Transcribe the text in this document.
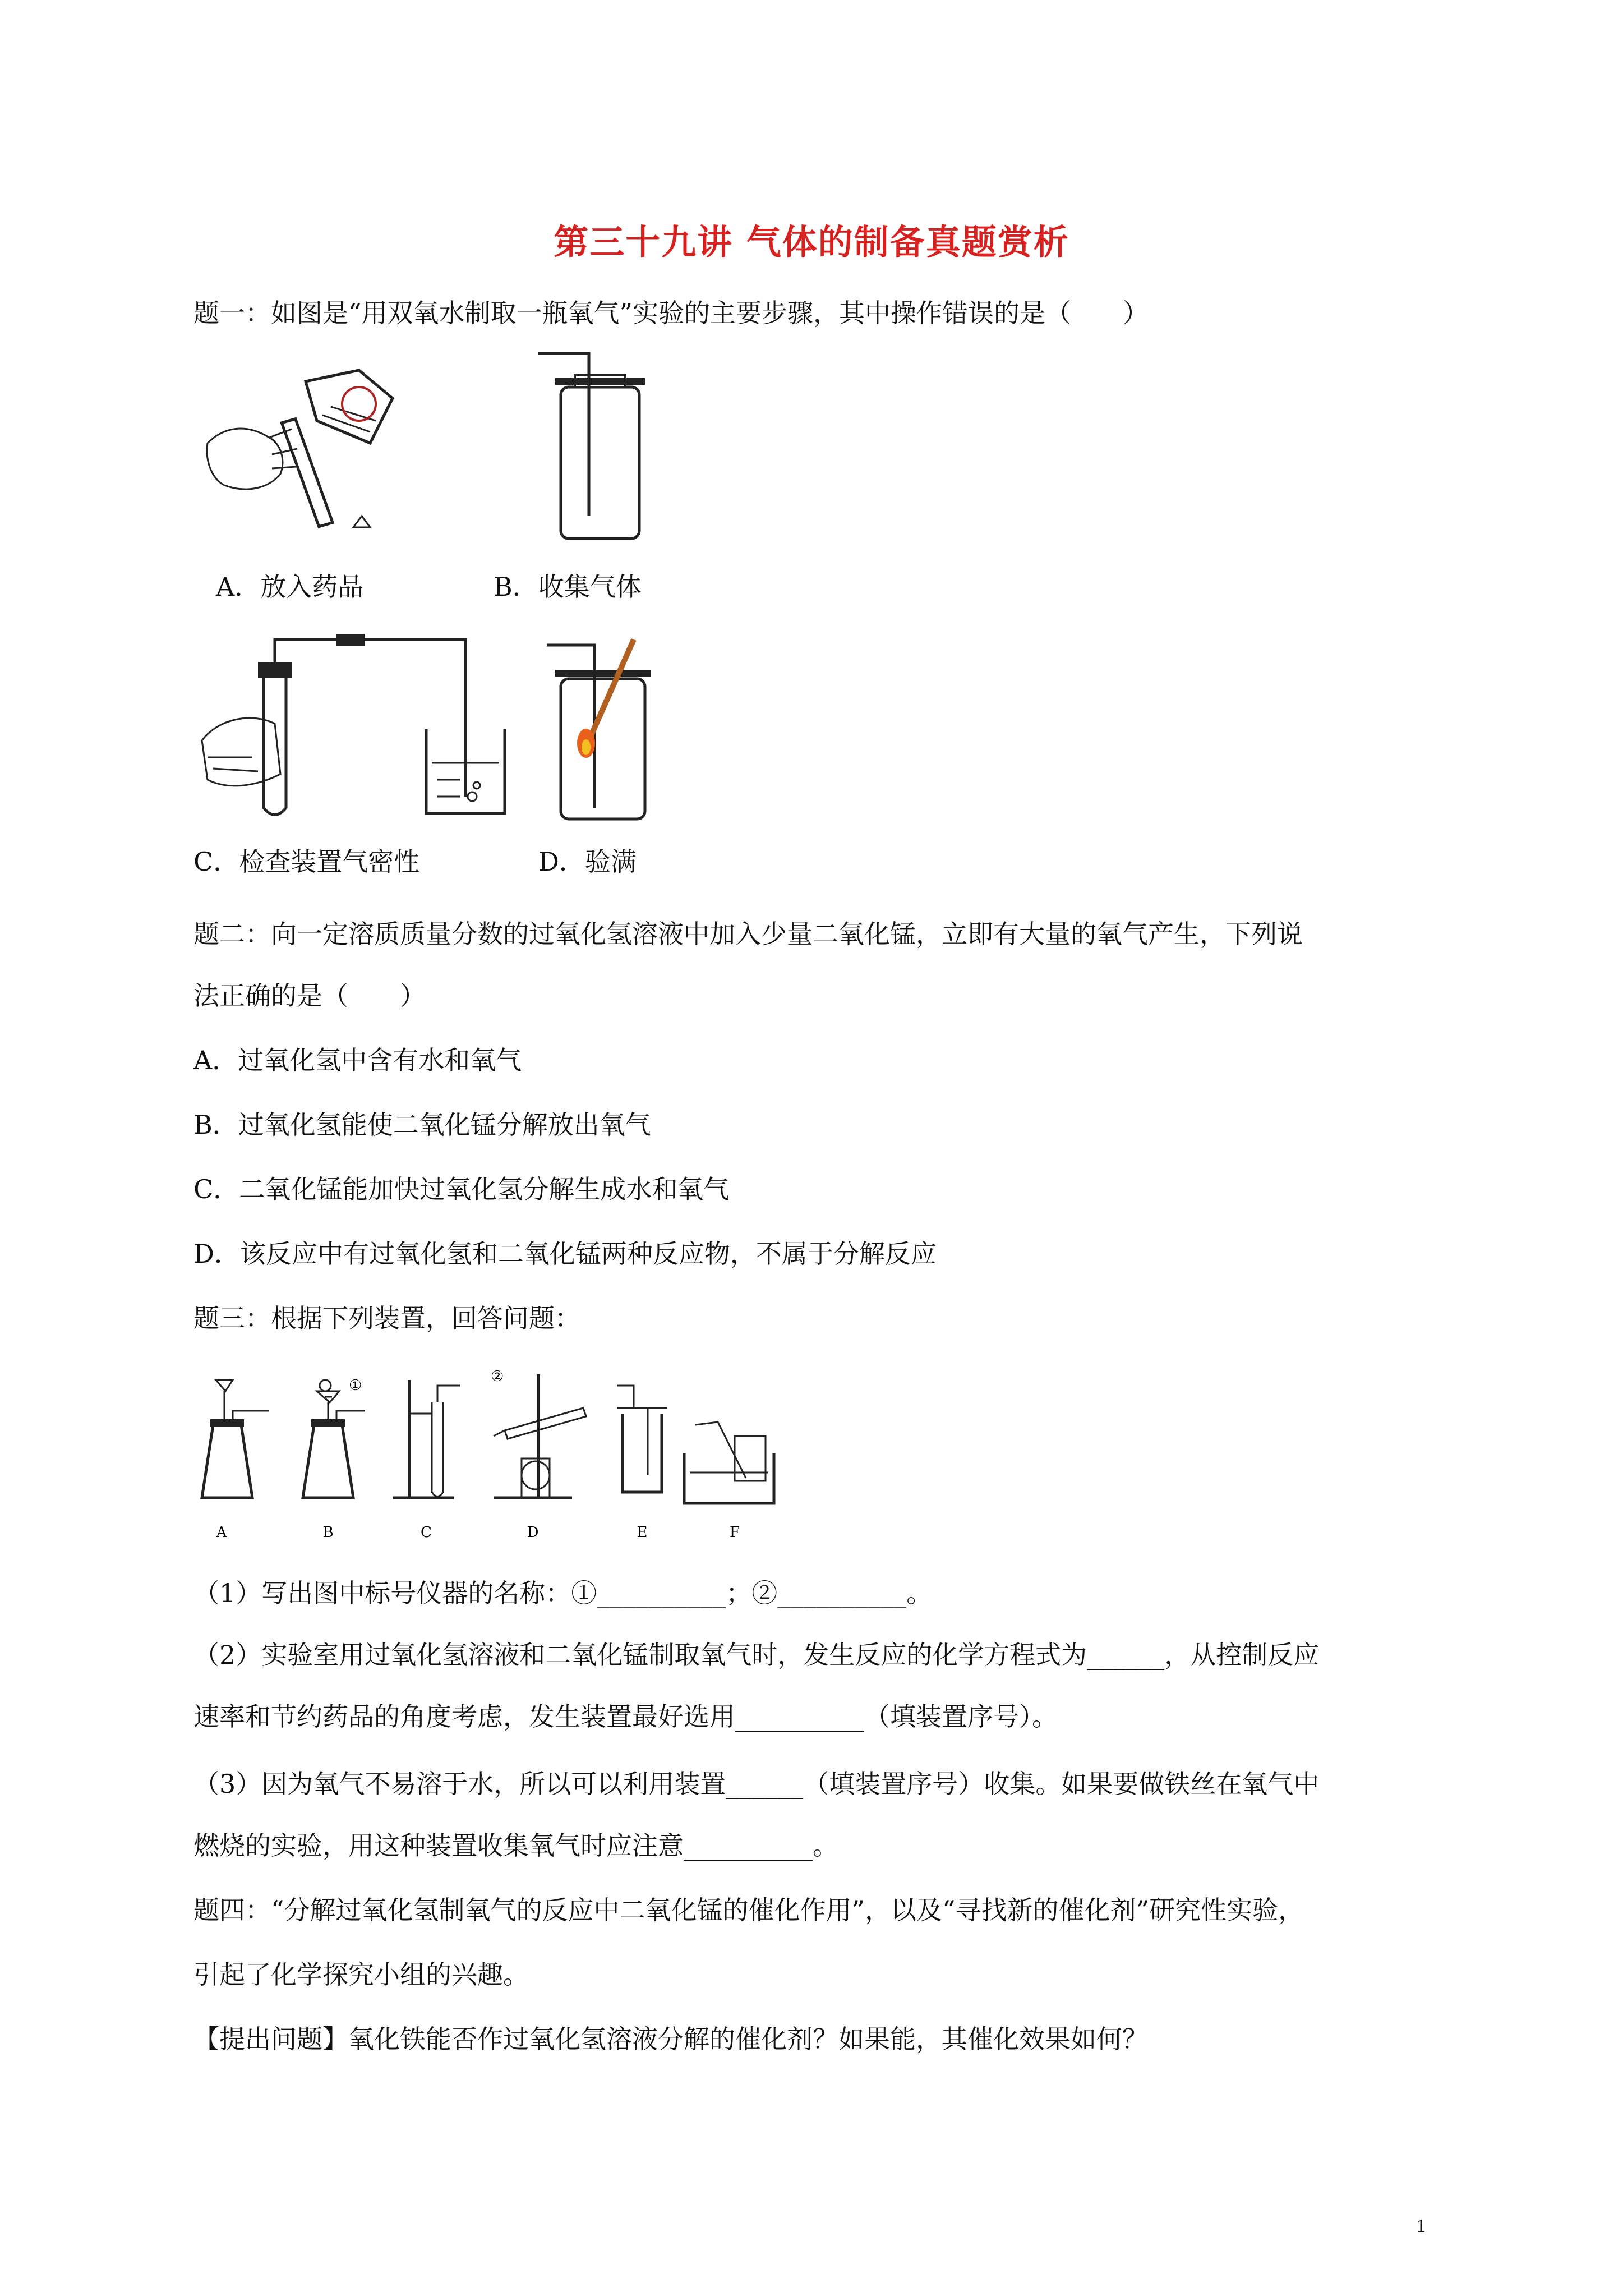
第三十九讲 气体的制备真题赏析
题一：如图是“用双氧水制取一瓶氧气”实验的主要步骤，其中操作错误的是（　　）
A．放入药品	B．收集气体
C．检查装置气密性	D．验满
题二：向一定溶质质量分数的过氧化氢溶液中加入少量二氧化锰，立即有大量的氧气产生，下列说
法正确的是（　　）
A．过氧化氢中含有水和氧气
B．过氧化氢能使二氧化锰分解放出氧气
C．二氧化锰能加快过氧化氢分解生成水和氧气
D．该反应中有过氧化氢和二氧化锰两种反应物，不属于分解反应
题三：根据下列装置，回答问题：
A	B	C	D	E	F
①
②
（1）写出图中标号仪器的名称：①__________；②__________。
（2）实验室用过氧化氢溶液和二氧化锰制取氧气时，发生反应的化学方程式为______，从控制反应
速率和节约药品的角度考虑，发生装置最好选用__________（填装置序号）。
（3）因为氧气不易溶于水，所以可以利用装置______（填装置序号）收集。如果要做铁丝在氧气中
燃烧的实验，用这种装置收集氧气时应注意__________。
题四：“分解过氧化氢制氧气的反应中二氧化锰的催化作用”，以及“寻找新的催化剂”研究性实验，
引起了化学探究小组的兴趣。
【提出问题】氧化铁能否作过氧化氢溶液分解的催化剂？如果能，其催化效果如何？
1
